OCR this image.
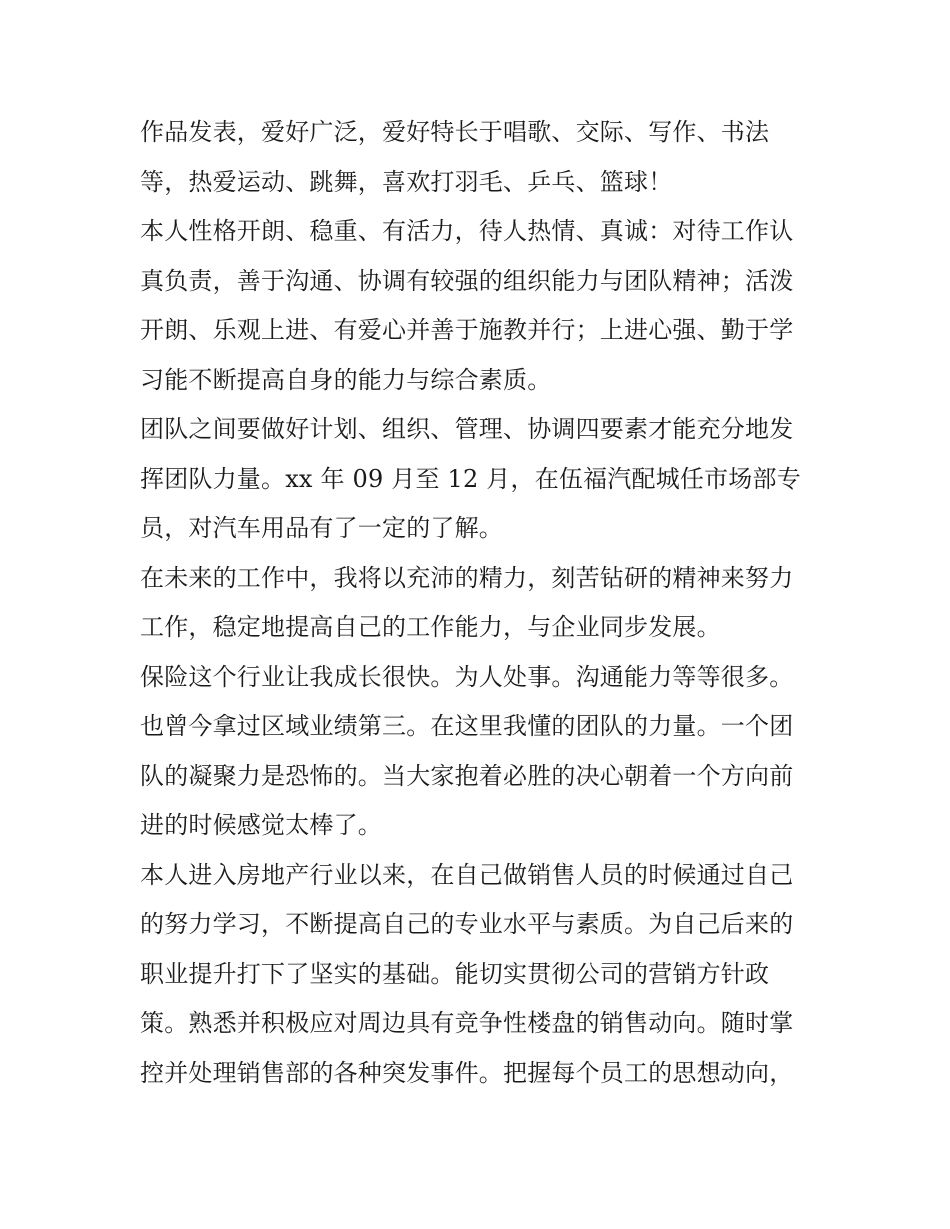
作品发表，爱好广泛，爱好特长于唱歌、交际、写作、书法
等，热爱运动、跳舞，喜欢打羽毛、乒乓、篮球！
本人性格开朗、稳重、有活力，待人热情、真诚：对待工作认
真负责，善于沟通、协调有较强的组织能力与团队精神；活泼
开朗、乐观上进、有爱心并善于施教并行；上进心强、勤于学
习能不断提高自身的能力与综合素质。
团队之间要做好计划、组织、管理、协调四要素才能充分地发
挥团队力量。xx 年 09 月至 12 月，在伍福汽配城任市场部专
员，对汽车用品有了一定的了解。
在未来的工作中，我将以充沛的精力，刻苦钻研的精神来努力
工作，稳定地提高自己的工作能力，与企业同步发展。
保险这个行业让我成长很快。为人处事。沟通能力等等很多。
也曾今拿过区域业绩第三。在这里我懂的团队的力量。一个团
队的凝聚力是恐怖的。当大家抱着必胜的决心朝着一个方向前
进的时候感觉太棒了。
本人进入房地产行业以来，在自己做销售人员的时候通过自己
的努力学习，不断提高自己的专业水平与素质。为自己后来的
职业提升打下了坚实的基础。能切实贯彻公司的营销方针政
策。熟悉并积极应对周边具有竞争性楼盘的销售动向。随时掌
控并处理销售部的各种突发事件。把握每个员工的思想动向，
